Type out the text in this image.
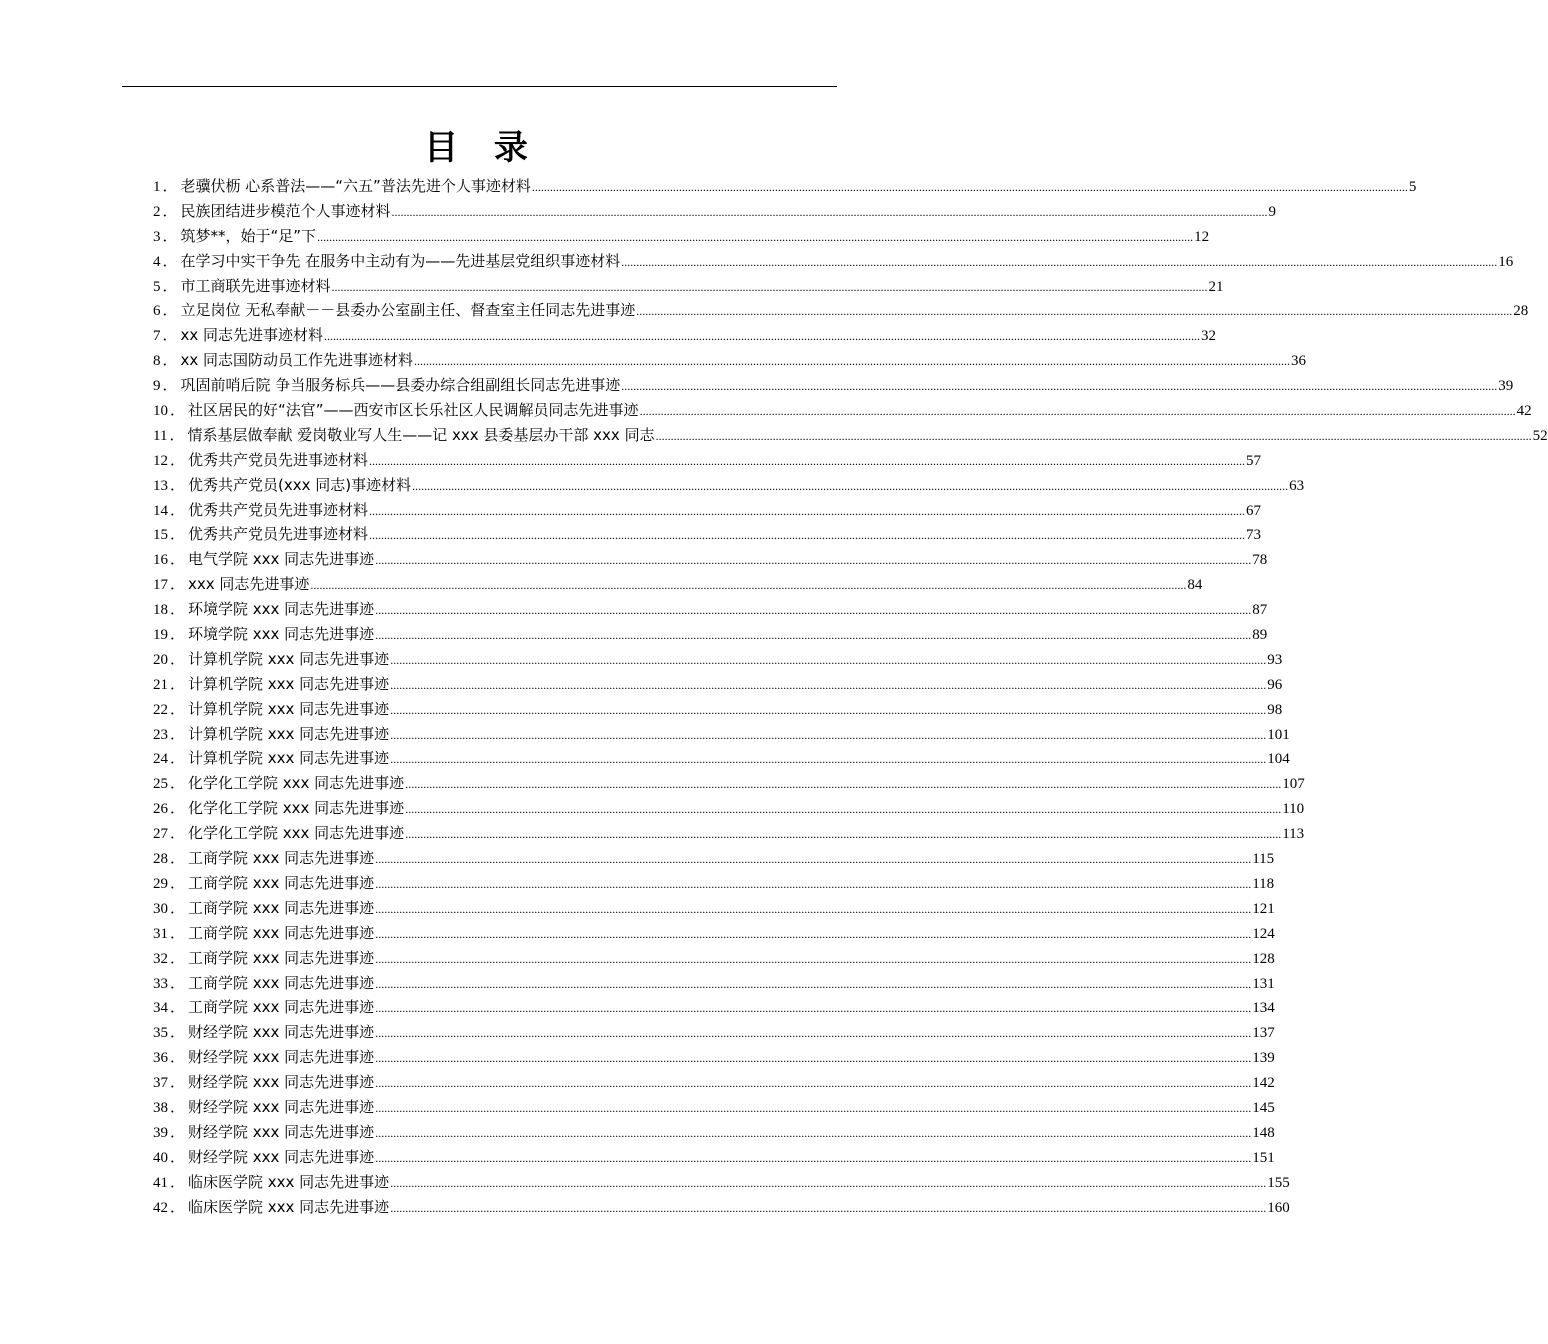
目 录
1 ． 老骥伏枥 心系普法——“六五”普法先进个人事迹材料 .....	5
2 ． 民族团结进步模范个人事迹材料 .....	9
3 ． 筑梦**，始于“足”下 .....	12
4 ． 在学习中实干争先 在服务中主动有为——先进基层党组织事迹材料 .....	16
5 ． 市工商联先进事迹材料 .....	21
6 ． 立足岗位 无私奉献－－县委办公室副主任、督查室主任同志先进事迹 .....	28
7 ． xx 同志先进事迹材料 .....	32
8 ． xx 同志国防动员工作先进事迹材料 .....	36
9 ． 巩固前哨后院 争当服务标兵——县委办综合组副组长同志先进事迹 .....	39
10 ． 社区居民的好“法官”——西安市区长乐社区人民调解员同志先进事迹 .....	42
11 ． 情系基层做奉献 爱岗敬业写人生——记 xxx 县委基层办干部 xxx 同志 .....	52
12 ． 优秀共产党员先进事迹材料 .....	57
13 ． 优秀共产党员(xxx 同志)事迹材料 .....	63
14 ． 优秀共产党员先进事迹材料 .....	67
15 ． 优秀共产党员先进事迹材料 .....	73
16 ． 电气学院 xxx 同志先进事迹 .....	78
17 ． xxx 同志先进事迹 .....	84
18 ． 环境学院 xxx 同志先进事迹 .....	87
19 ． 环境学院 xxx 同志先进事迹 .....	89
20 ． 计算机学院 xxx 同志先进事迹 .....	93
21 ． 计算机学院 xxx 同志先进事迹 .....	96
22 ． 计算机学院 xxx 同志先进事迹 .....	98
23 ． 计算机学院 xxx 同志先进事迹 .....	101
24 ． 计算机学院 xxx 同志先进事迹 .....	104
25 ． 化学化工学院 xxx 同志先进事迹 .....	107
26 ． 化学化工学院 xxx 同志先进事迹 .....	110
27 ． 化学化工学院 xxx 同志先进事迹 .....	113
28 ． 工商学院 xxx 同志先进事迹 .....	115
29 ． 工商学院 xxx 同志先进事迹 .....	118
30 ． 工商学院 xxx 同志先进事迹 .....	121
31 ． 工商学院 xxx 同志先进事迹 .....	124
32 ． 工商学院 xxx 同志先进事迹 .....	128
33 ． 工商学院 xxx 同志先进事迹 .....	131
34 ． 工商学院 xxx 同志先进事迹 .....	134
35 ． 财经学院 xxx 同志先进事迹 .....	137
36 ． 财经学院 xxx 同志先进事迹 .....	139
37 ． 财经学院 xxx 同志先进事迹 .....	142
38 ． 财经学院 xxx 同志先进事迹 .....	145
39 ． 财经学院 xxx 同志先进事迹 .....	148
40 ． 财经学院 xxx 同志先进事迹 .....	151
41 ． 临床医学院 xxx 同志先进事迹 .....	155
42 ． 临床医学院 xxx 同志先进事迹 .....	160
